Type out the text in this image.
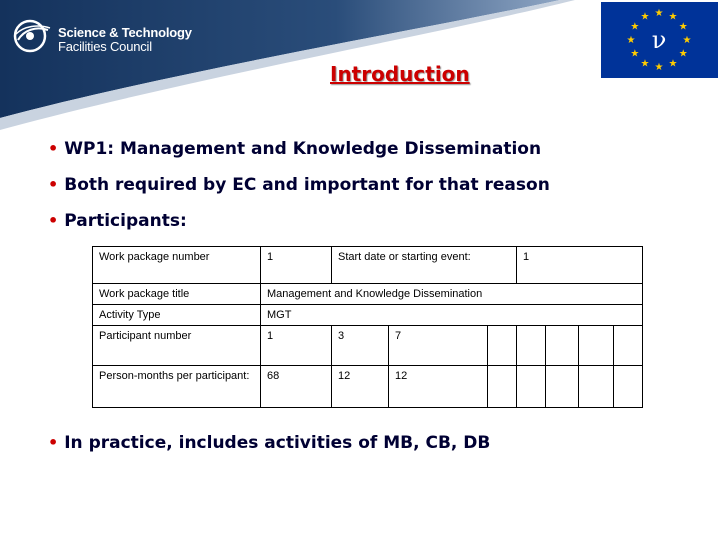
Science & Technology
Facilities Council	ν ★
★
★
★
★
★
★
★
★ ★ ★
★
Introduction
• WP1: Management and Knowledge Dissemination
• Both required by EC and important for that reason
• Participants:
Work package number	1	Start date or starting event:			1			
Work package title	Management and Knowledge Dissemination							
Activity Type	MGT							
Participant number	1	3	7					
Person-months per participant:	68	12	12					
• In practice, includes activities of MB, CB, DB
